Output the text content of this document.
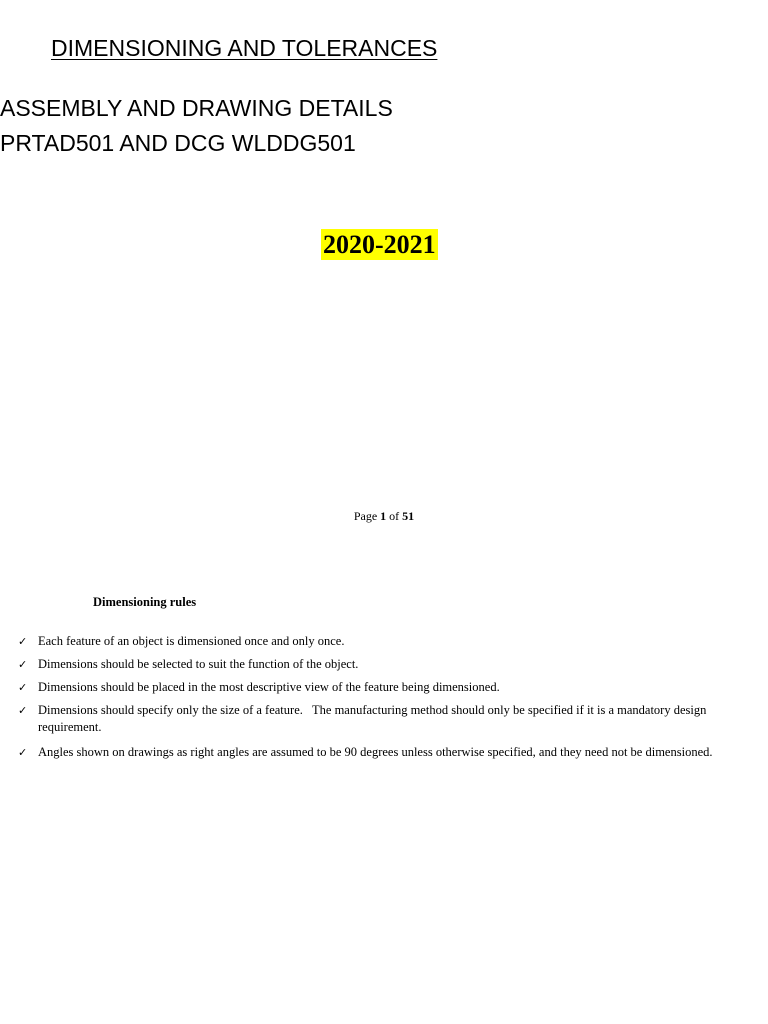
DIMENSIONING AND TOLERANCES
ASSEMBLY AND DRAWING DETAILS
PRTAD501 AND DCG WLDDG501
2020-2021
Page 1 of 51
Dimensioning rules
✓ Each feature of an object is dimensioned once and only once.
✓ Dimensions should be selected to suit the function of the object.
✓ Dimensions should be placed in the most descriptive view of the feature being dimensioned.
✓ Dimensions should specify only the size of a feature.   The manufacturing method should only be specified if it is a mandatory design requirement.
✓ Angles shown on drawings as right angles are assumed to be 90 degrees unless otherwise specified, and they need not be dimensioned.
